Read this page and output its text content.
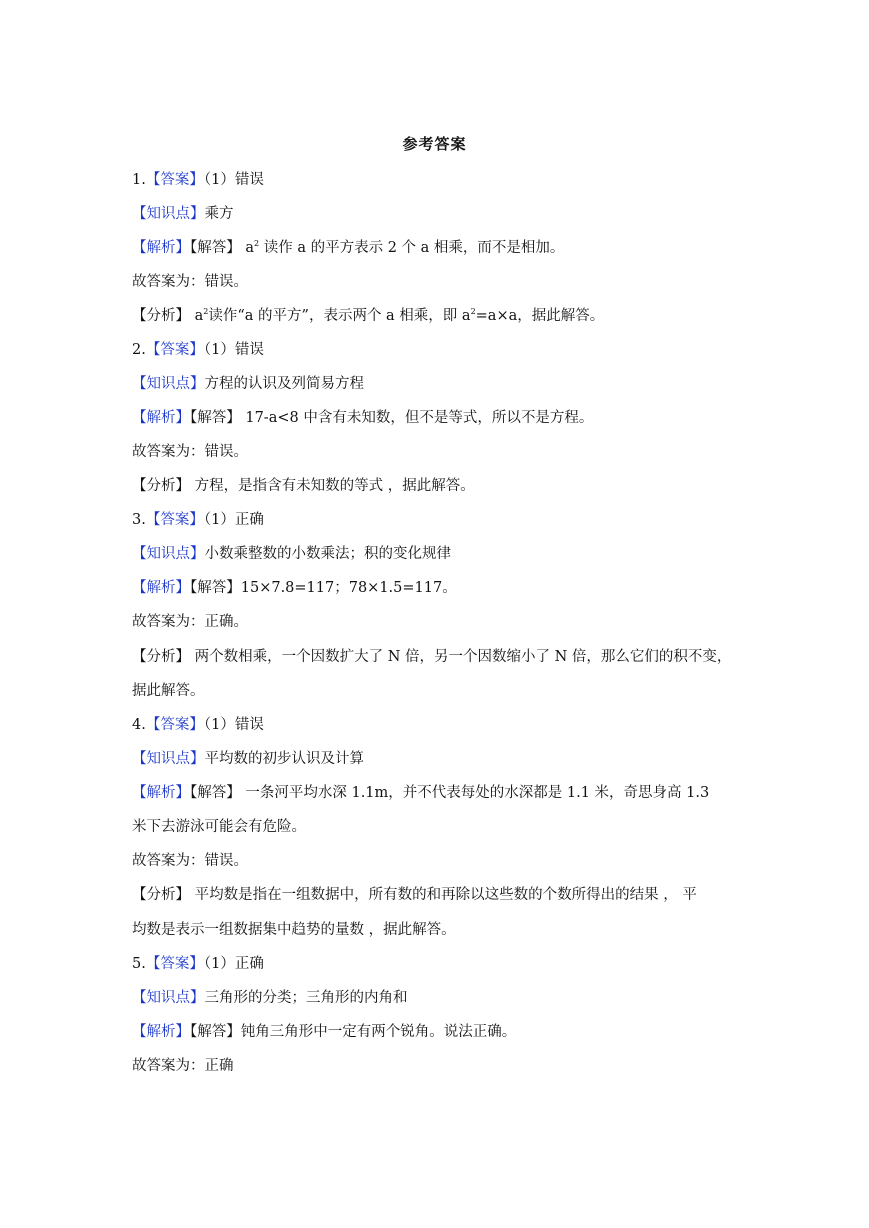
参考答案
1.【答案】（1）错误
【知识点】乘方
【解析】【解答】 $a^2$ 读作 a 的平方表示 2 个 a 相乘，而不是相加。
故答案为：错误。
【分析】 $a^2$读作“a 的平方”，表示两个 a 相乘，即 $a^2=a\times a$，据此解答。
2.【答案】（1）错误
【知识点】方程的认识及列简易方程
【解析】【解答】 17-a<8 中含有未知数，但不是等式，所以不是方程。
故答案为：错误。
【分析】 方程，是指含有未知数的等式 ，据此解答。
3.【答案】（1）正确
【知识点】小数乘整数的小数乘法；积的变化规律
【解析】【解答】15×7.8=117；78×1.5=117。
故答案为：正确。
【分析】 两个数相乘，一个因数扩大了 N 倍，另一个因数缩小了 N 倍，那么它们的积不变，
据此解答。
4.【答案】（1）错误
【知识点】平均数的初步认识及计算
【解析】【解答】 一条河平均水深 1.1m，并不代表每处的水深都是 1.1 米，奇思身高 1.3
米下去游泳可能会有危险。
故答案为：错误。
【分析】 平均数是指在一组数据中，所有数的和再除以这些数的个数所得出的结果 ， 平
均数是表示一组数据集中趋势的量数 ，据此解答。
5.【答案】（1）正确
【知识点】三角形的分类；三角形的内角和
【解析】【解答】钝角三角形中一定有两个锐角。说法正确。
故答案为：正确
